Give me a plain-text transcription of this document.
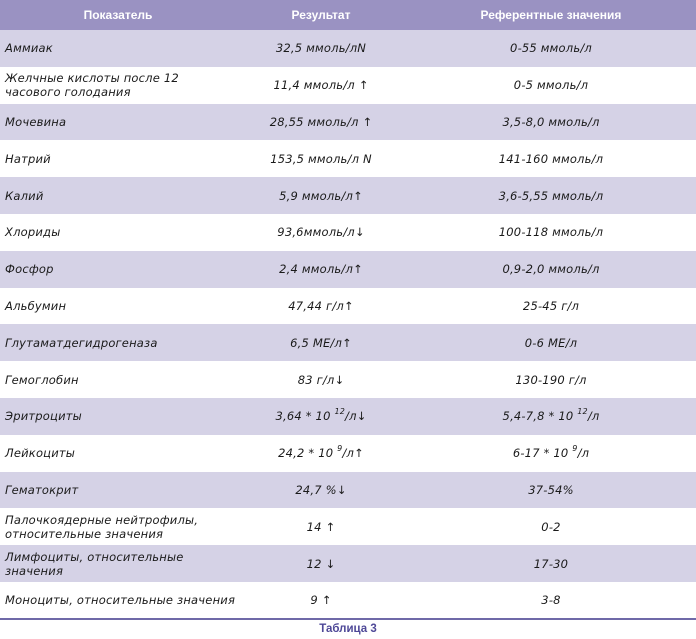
Показатель	Результат	Референтные значения
Аммиак	32,5 ммоль/лN	0-55 ммоль/л
Желчные кислоты после 12 часового голодания	11,4 ммоль/л ↑	0-5 ммоль/л
Мочевина	28,55 ммоль/л ↑	3,5-8,0 ммоль/л
Натрий	153,5 ммоль/л N	141-160 ммоль/л
Калий	5,9 ммоль/л↑	3,6-5,55 ммоль/л
Хлориды	93,6ммоль/л↓	100-118 ммоль/л
Фосфор	2,4 ммоль/л↑	0,9-2,0 ммоль/л
Альбумин	47,44 г/л↑	25-45 г/л
Глутаматдегидрогеназа	6,5 МЕ/л↑	0-6 МЕ/л
Гемоглобин	83 г/л↓	130-190 г/л
Эритроциты	3,64 * 10 $^{12}$/л↓	5,4-7,8 * 10 $^{12}$/л
Лейкоциты	24,2 * 10 $^9$/л↑	6-17 * 10 $^9$/л
Гематокрит	24,7 %↓	37-54%
Палочкоядерные нейтрофилы, относительные значения	14 ↑	0-2
Лимфоциты, относительные значения	12 ↓	17-30
Моноциты, относительные значения	9 ↑	3-8
Таблица 3
